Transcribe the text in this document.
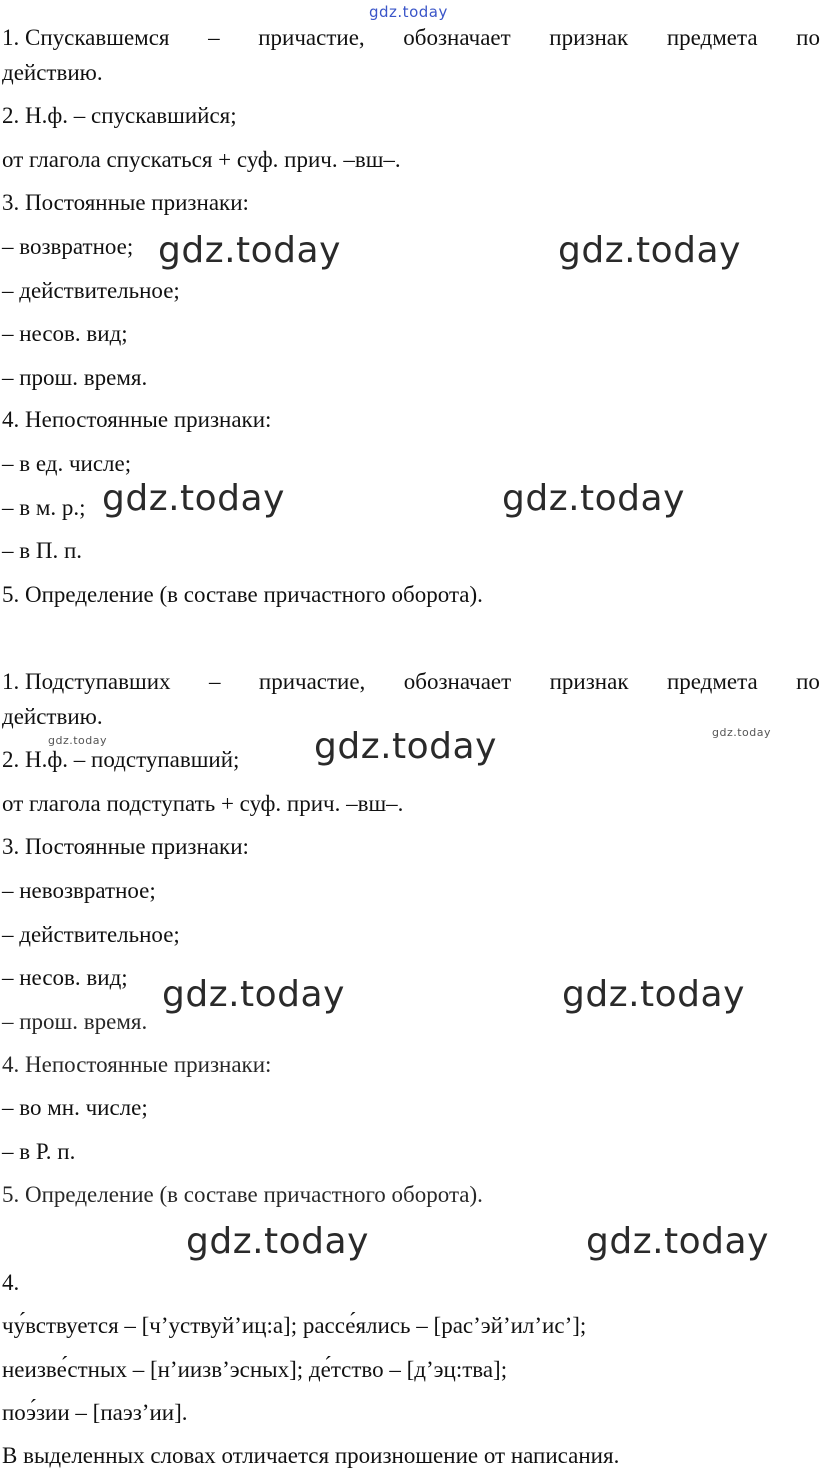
gdz.today
gdz.today	gdz.today
gdz.today	gdz.today
gdz.today
gdz.today
gdz.today
gdz.today	gdz.today
gdz.today	gdz.today
1. Спускавшемся – причастие, обозначает признак предмета по
действию.
2. Н.ф. – спускавшийся;
от глагола спускаться + суф. прич. –вш–.
3. Постоянные признаки:
– возвратное;
– действительное;
– несов. вид;
– прош. время.
4. Непостоянные признаки:
– в ед. числе;
– в м. р.;
– в П. п.
5. Определение (в составе причастного оборота).
1. Подступавших – причастие, обозначает признак предмета по
действию.
2. Н.ф. – подступавший;
от глагола подступать + суф. прич. –вш–.
3. Постоянные признаки:
– невозвратное;
– действительное;
– несов. вид;
– прош. время.
4. Непостоянные признаки:
– во мн. числе;
– в Р. п.
5. Определение (в составе причастного оборота).
4.
чу́вствуется – [ч’уствуй’иц:а]; рассе́ялись – [рас’эй’ил’ис’];
неизве́стных – [н’иизв’эсных]; де́тство – [д’эц:тва];
поэ́зии – [паэз’ии].
В выделенных словах отличается произношение от написания.
